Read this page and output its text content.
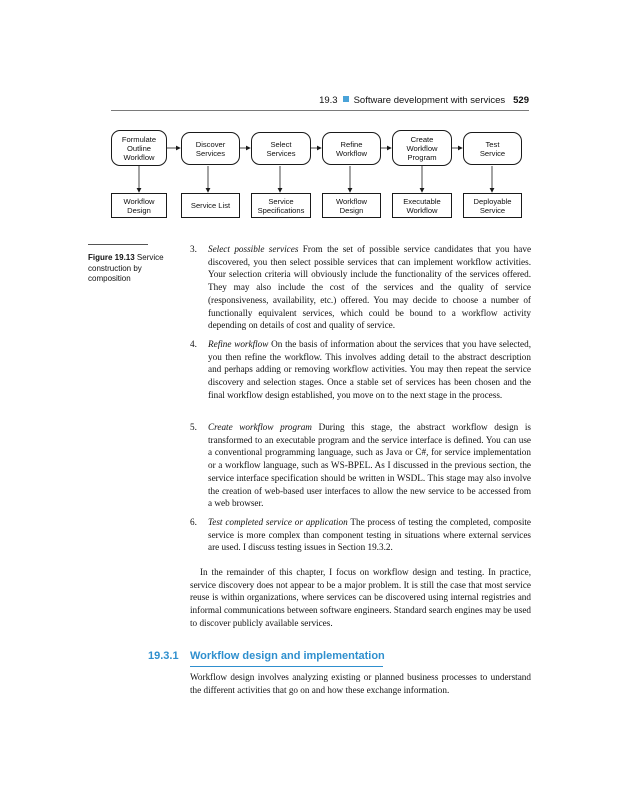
19.3 Software development with services 529
Formulate
Outline
Workflow
Discover
Services
Select
Services
Refine
Workflow
Create
Workflow
Program
Test
Service
Workflow
Design	Service List	Service
Specifications
Workflow
Design
Executable
Workflow
Deployable
Service
Figure 19.13 Service construction by composition
3. Select possible services From the set of possible service candidates that you have discovered, you then select possible services that can implement workflow activities. Your selection criteria will obviously include the functionality of the services offered. They may also include the cost of the services and the quality of service (responsiveness, availability, etc.) offered. You may decide to choose a number of functionally equivalent services, which could be bound to a workflow activity depending on details of cost and quality of service.
4. Refine workflow On the basis of information about the services that you have selected, you then refine the workflow. This involves adding detail to the abstract description and perhaps adding or removing workflow activities. You may then repeat the service discovery and selection stages. Once a stable set of services has been chosen and the final workflow design established, you move on to the next stage in the process.
5. Create workflow program During this stage, the abstract workflow design is transformed to an executable program and the service interface is defined. You can use a conventional programming language, such as Java or C#, for service implementation or a workflow language, such as WS-BPEL. As I discussed in the previous section, the service interface specification should be written in WSDL. This stage may also involve the creation of web-based user interfaces to allow the new service to be accessed from a web browser.
6. Test completed service or application The process of testing the completed, composite service is more complex than component testing in situations where external services are used. I discuss testing issues in Section 19.3.2.
In the remainder of this chapter, I focus on workflow design and testing. In practice, service discovery does not appear to be a major problem. It is still the case that most service reuse is within organizations, where services can be discovered using internal registries and informal communications between software engineers. Standard search engines may be used to discover publicly available services.
19.3.1 Workflow design and implementation
Workflow design involves analyzing existing or planned business processes to understand the different activities that go on and how these exchange information.
